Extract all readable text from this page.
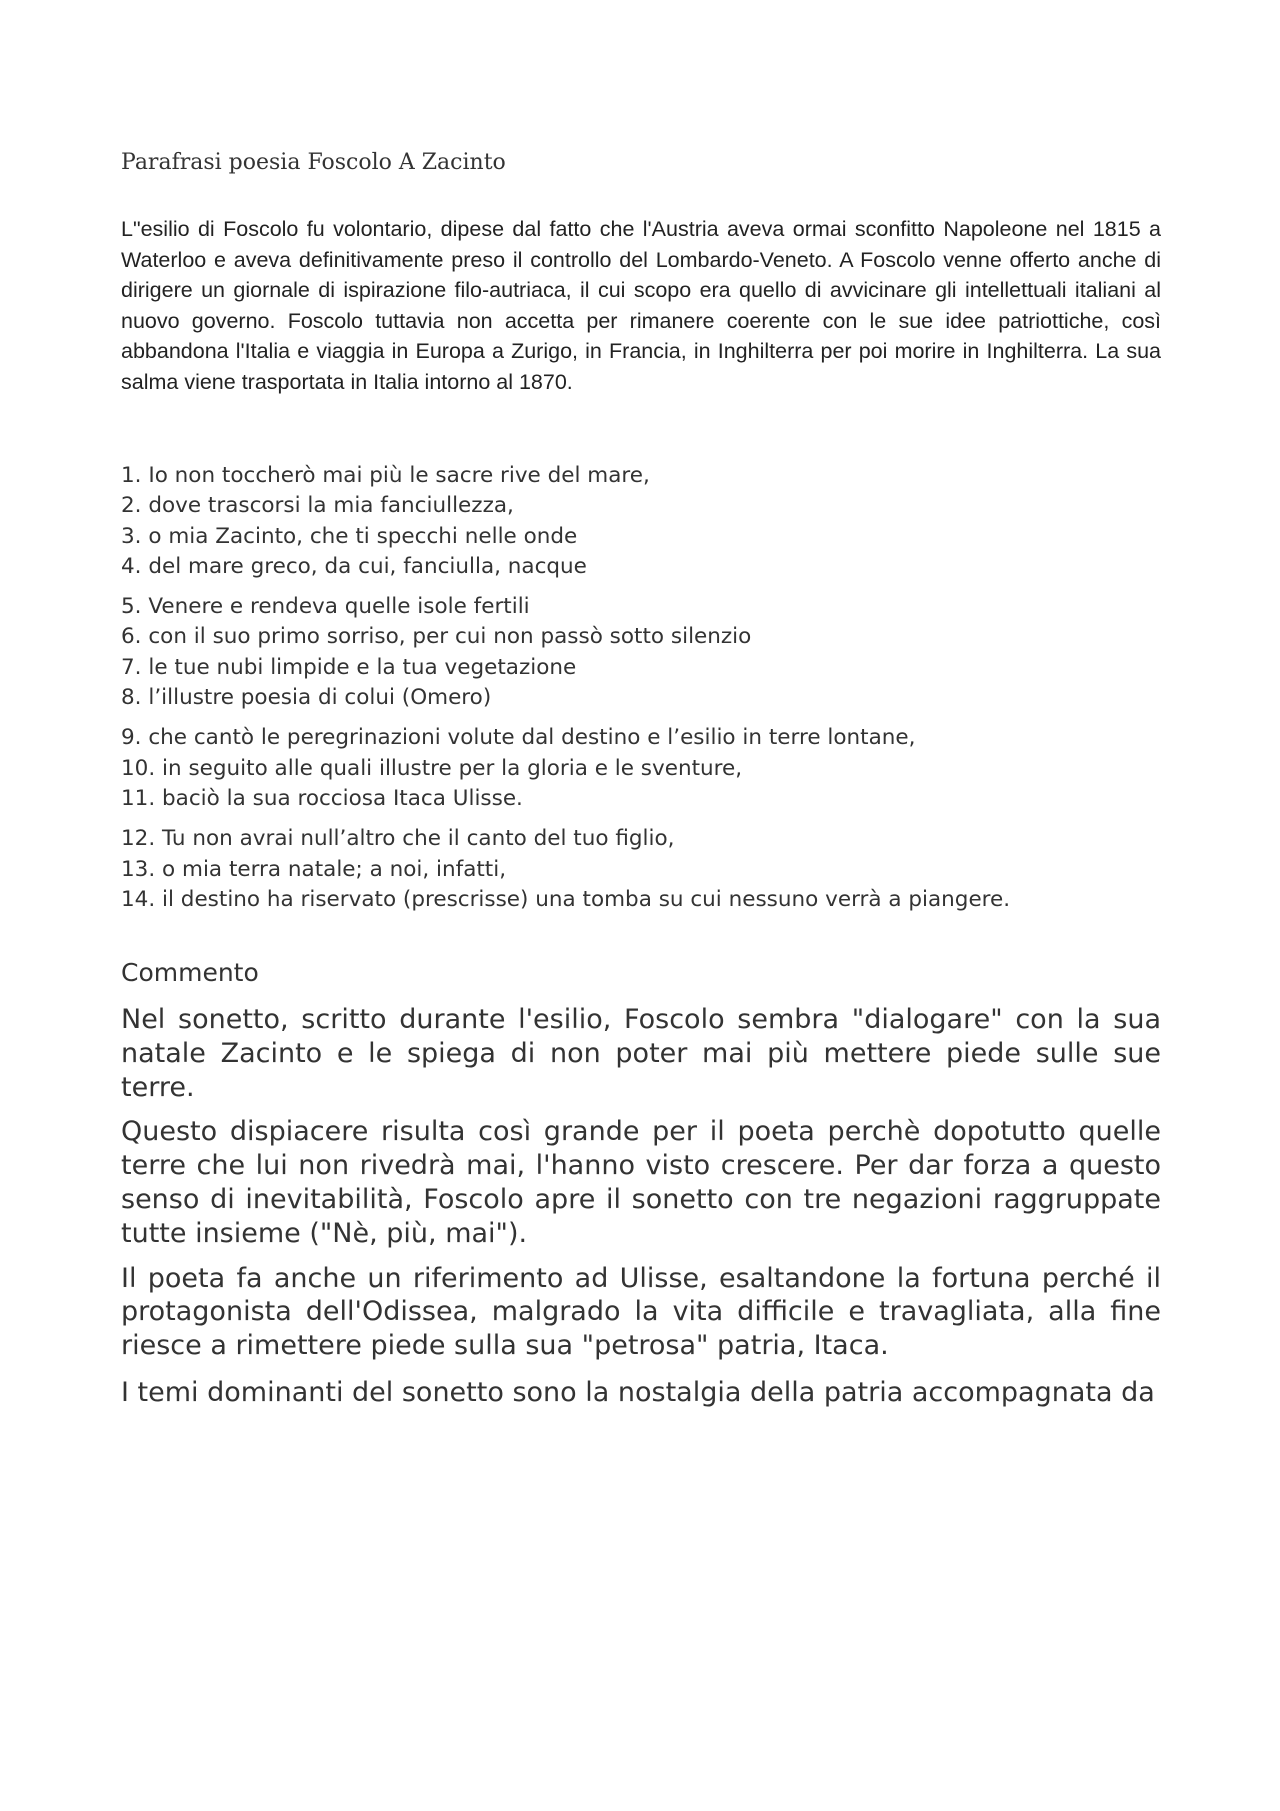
Parafrasi poesia Foscolo A Zacinto

L"esilio di Foscolo fu volontario, dipese dal fatto che l'Austria aveva ormai sconfitto Napoleone nel 1815 a Waterloo e aveva definitivamente preso il controllo del Lombardo-Veneto. A Foscolo venne offerto anche di dirigere un giornale di ispirazione filo-autriaca, il cui scopo era quello di avvicinare gli intellettuali italiani al nuovo governo. Foscolo tuttavia non accetta per rimanere coerente con le sue idee patriottiche, così abbandona l'Italia e viaggia in Europa a Zurigo, in Francia, in Inghilterra per poi morire in Inghilterra. La sua salma viene trasportata in Italia intorno al 1870.

1. Io non toccherò mai più le sacre rive del mare,
2. dove trascorsi la mia fanciullezza,
3. o mia Zacinto, che ti specchi nelle onde
4. del mare greco, da cui, fanciulla, nacque
5. Venere e rendeva quelle isole fertili
6. con il suo primo sorriso, per cui non passò sotto silenzio
7. le tue nubi limpide e la tua vegetazione
8. l’illustre poesia di colui (Omero)
9. che cantò le peregrinazioni volute dal destino e l’esilio in terre lontane,
10. in seguito alle quali illustre per la gloria e le sventure,
11. baciò la sua rocciosa Itaca Ulisse.
12. Tu non avrai null’altro che il canto del tuo figlio,
13. o mia terra natale; a noi, infatti,
14. il destino ha riservato (prescrisse) una tomba su cui nessuno verrà a piangere.
Commento

Nel sonetto, scritto durante l'esilio, Foscolo sembra "dialogare" con la sua natale Zacinto e le spiega di non poter mai più mettere piede sulle sue terre.

Questo dispiacere risulta così grande per il poeta perchè dopotutto quelle terre che lui non rivedrà mai, l'hanno visto crescere. Per dar forza a questo senso di inevitabilità, Foscolo apre il sonetto con tre negazioni raggruppate tutte insieme ("Nè, più, mai").

Il poeta fa anche un riferimento ad Ulisse, esaltandone la fortuna perché il protagonista dell'Odissea, malgrado la vita difficile e travagliata, alla fine riesce a rimettere piede sulla sua "petrosa" patria, Itaca.

I temi dominanti del sonetto sono la nostalgia della patria accompagnata da
